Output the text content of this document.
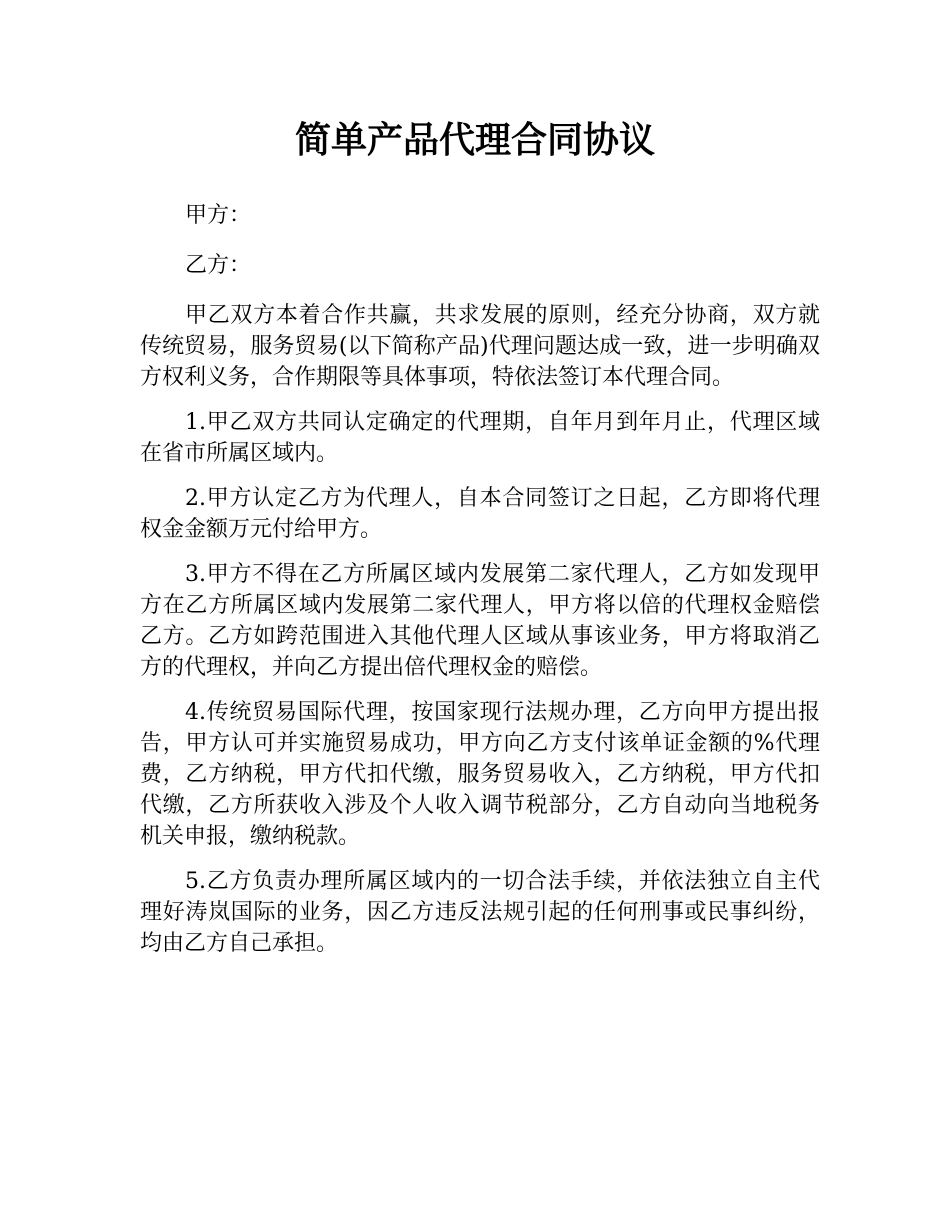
简单产品代理合同协议

甲方：

乙方：

甲乙双方本着合作共赢，共求发展的原则，经充分协商，双方就传统贸易，服务贸易(以下简称产品)代理问题达成一致，进一步明确双方权利义务，合作期限等具体事项，特依法签订本代理合同。

1.甲乙双方共同认定确定的代理期，自年月到年月止，代理区域在省市所属区域内。

2.甲方认定乙方为代理人，自本合同签订之日起，乙方即将代理权金金额万元付给甲方。

3.甲方不得在乙方所属区域内发展第二家代理人，乙方如发现甲方在乙方所属区域内发展第二家代理人，甲方将以倍的代理权金赔偿乙方。乙方如跨范围进入其他代理人区域从事该业务，甲方将取消乙方的代理权，并向乙方提出倍代理权金的赔偿。

4.传统贸易国际代理，按国家现行法规办理，乙方向甲方提出报告，甲方认可并实施贸易成功，甲方向乙方支付该单证金额的%代理费，乙方纳税，甲方代扣代缴，服务贸易收入，乙方纳税，甲方代扣代缴，乙方所获收入涉及个人收入调节税部分，乙方自动向当地税务机关申报，缴纳税款。

5.乙方负责办理所属区域内的一切合法手续，并依法独立自主代理好涛岚国际的业务，因乙方违反法规引起的任何刑事或民事纠纷，均由乙方自己承担。
